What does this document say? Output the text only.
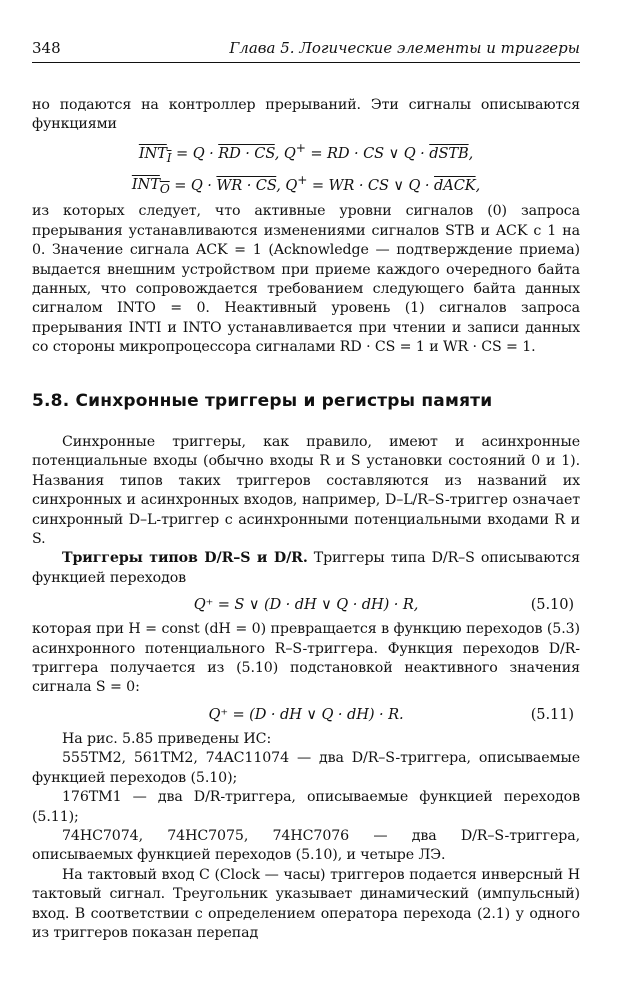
348	Глава 5. Логические элементы и триггеры

но подаются на контроллер прерываний. Эти сигналы описываются функциями

$INT_I = Q$ · RD · CS, Q+ = RD · CS ∨ Q · dSTB,
$INT_O = Q$ · WR · CS, Q+ = WR · CS ∨ Q · dACK,

из которых следует, что активные уровни сигналов (0) запроса прерывания устанавливаются изменениями сигналов STB и ACK с 1 на 0. Значение сигнала ACK = 1 (Acknowledge — подтверждение приема) выдается внешним устройством при приеме каждого очередного байта данных, что сопровождается требованием следующего байта данных сигналом INTO = 0. Неактивный уровень (1) сигналов запроса прерывания INTI и INTO устанавливается при чтении и записи данных со стороны микропроцессора сигналами RD · CS = 1 и WR · CS = 1.

5.8. Синхронные триггеры и регистры памяти

Синхронные триггеры, как правило, имеют и асинхронные потенциальные входы (обычно входы R и S установки состояний 0 и 1). Названия типов таких триггеров составляются из названий их синхронных и асинхронных входов, например, D–L/R–S-триггер означает синхронный D–L-триггер с асинхронными потенциальными входами R и S.

Триггеры типов D/R–S и D/R. Триггеры типа D/R–S описываются функцией переходов

Q⁺ = S ∨ (D · dH ∨ Q · dH) · R,	(5.10)

которая при H = const (dH = 0) превращается в функцию переходов (5.3) асинхронного потенциального R–S-триггера. Функция переходов D/R-триггера получается из (5.10) подстановкой неактивного значения сигнала S = 0:

Q⁺ = (D · dH ∨ Q · dH) · R.	(5.11)

На рис. 5.85 приведены ИС:

555ТМ2, 561ТМ2, 74AC11074 — два D/R–S-триггера, описываемые функцией переходов (5.10);

176ТМ1 — два D/R-триггера, описываемые функцией переходов (5.11);

74HC7074, 74HC7075, 74HC7076 — два D/R–S-триггера, описываемых функцией переходов (5.10), и четыре ЛЭ.

На тактовый вход C (Clock — часы) триггеров подается инверсный H тактовый сигнал. Треугольник указывает динамический (импульсный) вход. В соответствии с определением оператора перехода (2.1) у одного из триггеров показан перепад
